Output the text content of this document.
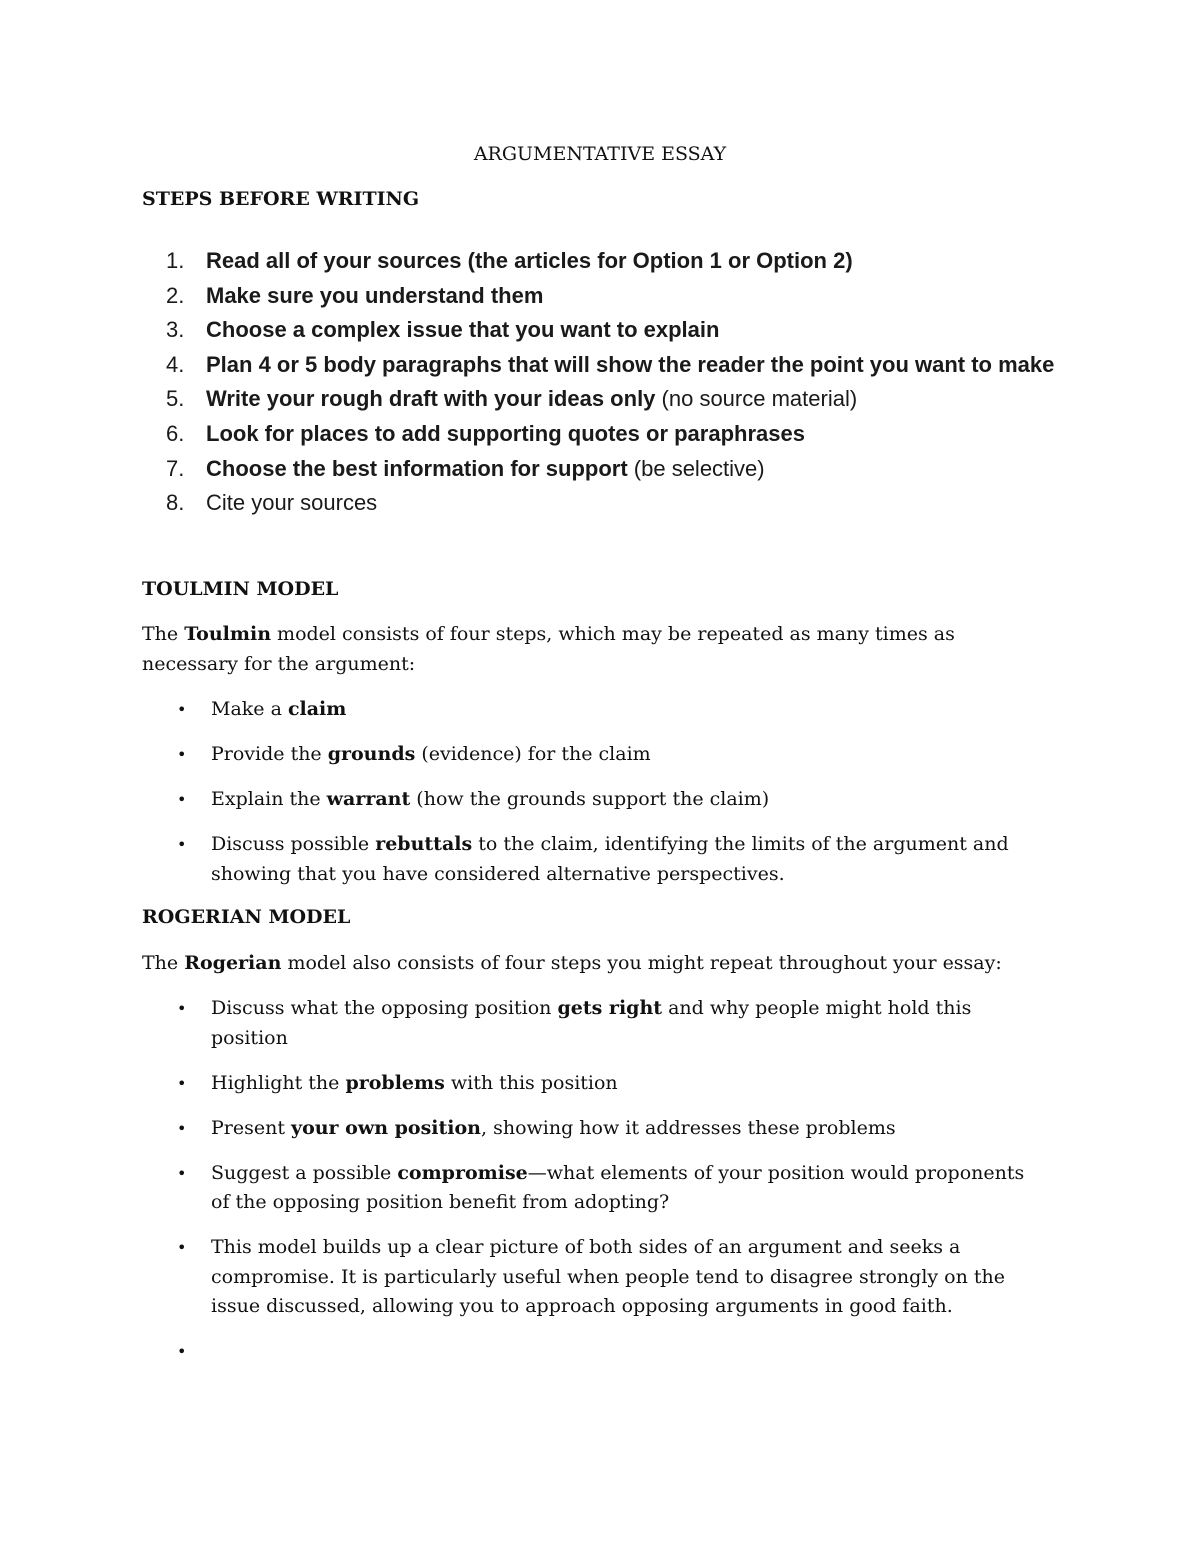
ARGUMENTATIVE ESSAY
STEPS BEFORE WRITING
1. Read all of your sources (the articles for Option 1 or Option 2)
2. Make sure you understand them
3. Choose a complex issue that you want to explain
4. Plan 4 or 5 body paragraphs that will show the reader the point you want to make
5. Write your rough draft with your ideas only (no source material)
6. Look for places to add supporting quotes or paraphrases
7. Choose the best information for support (be selective)
8. Cite your sources
TOULMIN MODEL
The Toulmin model consists of four steps, which may be repeated as many times as necessary for the argument:
• Make a claim
• Provide the grounds (evidence) for the claim
• Explain the warrant (how the grounds support the claim)
• Discuss possible rebuttals to the claim, identifying the limits of the argument and showing that you have considered alternative perspectives.
ROGERIAN MODEL
The Rogerian model also consists of four steps you might repeat throughout your essay:
• Discuss what the opposing position gets right and why people might hold this position
• Highlight the problems with this position
• Present your own position, showing how it addresses these problems
• Suggest a possible compromise—what elements of your position would proponents of the opposing position benefit from adopting?
• This model builds up a clear picture of both sides of an argument and seeks a compromise. It is particularly useful when people tend to disagree strongly on the issue discussed, allowing you to approach opposing arguments in good faith.
•
